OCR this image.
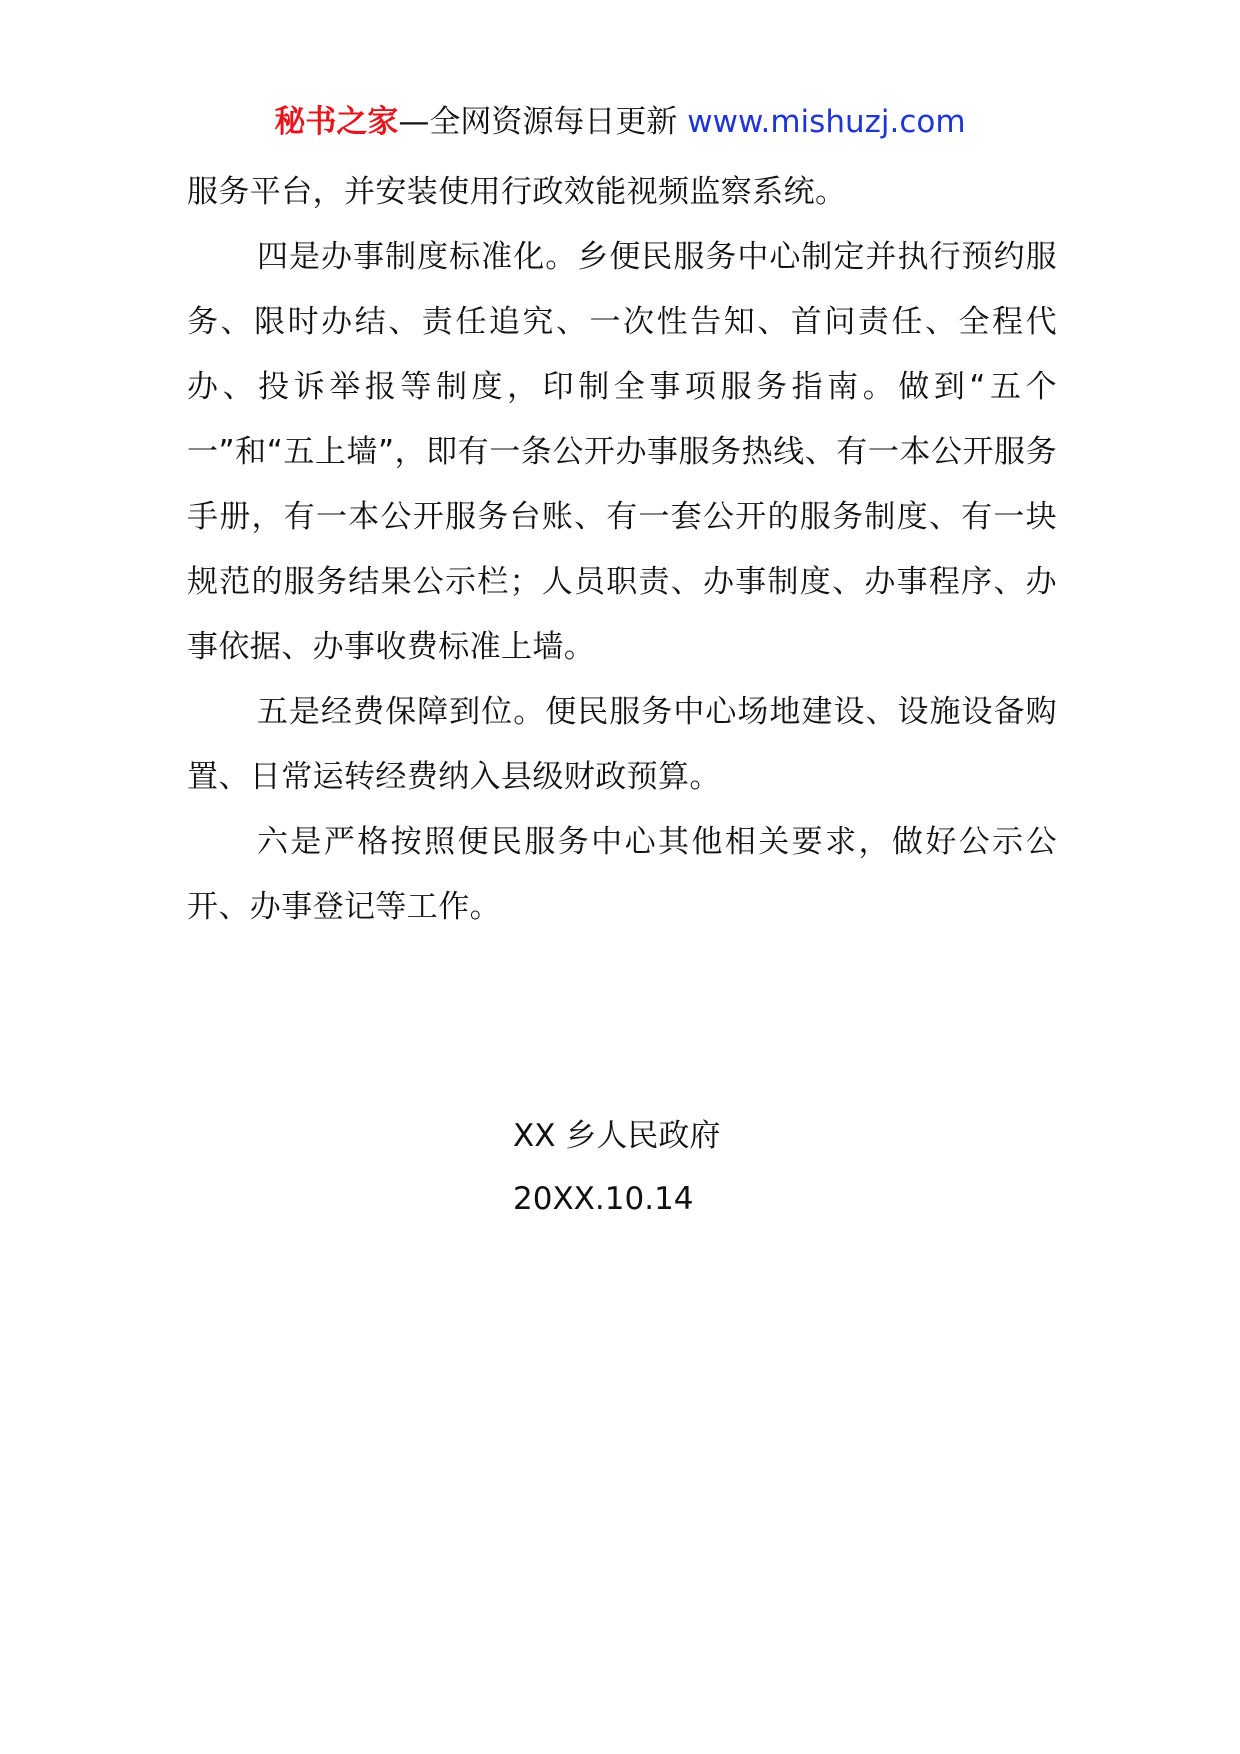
秘书之家—全网资源每日更新 www.mishuzj.com

服务平台，并安装使用行政效能视频监察系统。

四是办事制度标准化。乡便民服务中心制定并执行预约服务、限时办结、责任追究、一次性告知、首问责任、全程代办、投诉举报等制度，印制全事项服务指南。做到“五个一”和“五上墙”，即有一条公开办事服务热线、有一本公开服务手册，有一本公开服务台账、有一套公开的服务制度、有一块规范的服务结果公示栏；人员职责、办事制度、办事程序、办事依据、办事收费标准上墙。

五是经费保障到位。便民服务中心场地建设、设施设备购置、日常运转经费纳入县级财政预算。

六是严格按照便民服务中心其他相关要求，做好公示公开、办事登记等工作。

XX 乡人民政府
20XX.10.14
